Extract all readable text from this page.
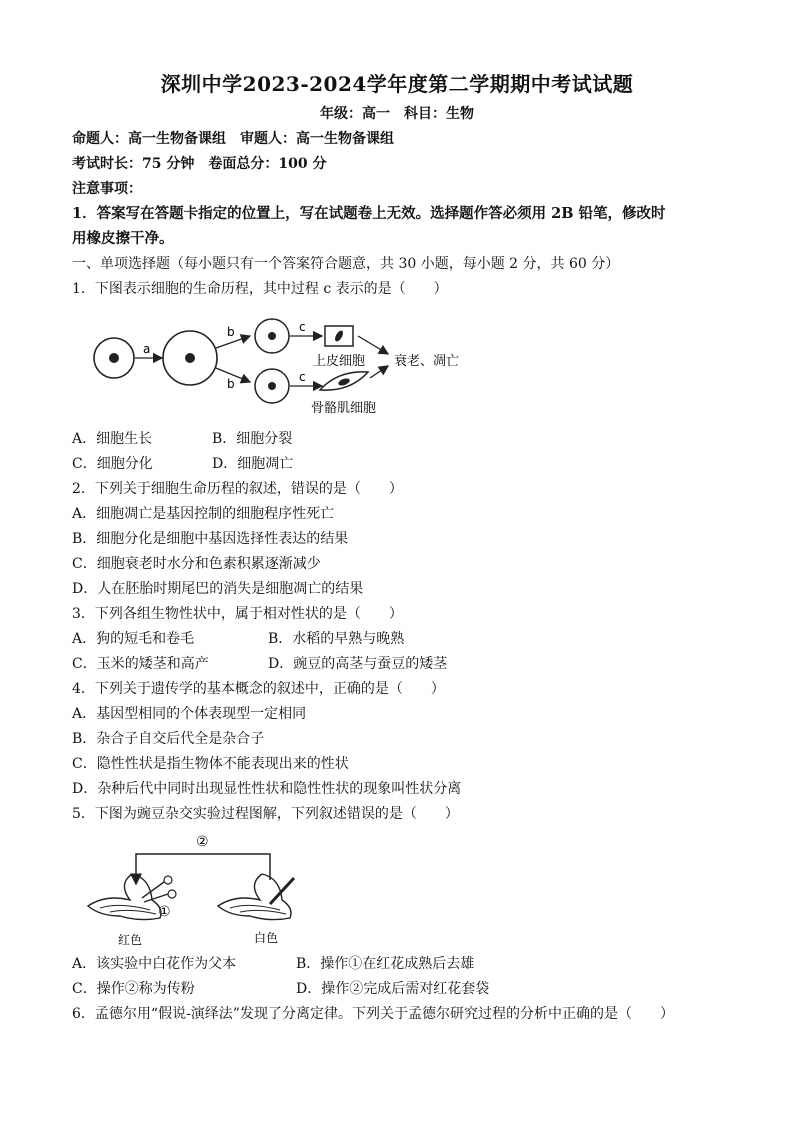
深圳中学2023-2024学年度第二学期期中考试试题
年级：高一　科目：生物
命题人：高一生物备课组　审题人：高一生物备课组
考试时长：75 分钟　卷面总分：100 分
注意事项：
1．答案写在答题卡指定的位置上，写在试题卷上无效。选择题作答必须用 2B 铅笔，修改时
用橡皮擦干净。
一、单项选择题（每小题只有一个答案符合题意，共 30 小题，每小题 2 分，共 60 分）
1．下图表示细胞的生命历程，其中过程 c 表示的是（　　）
a
b
b
c
c
上皮细胞
骨骼肌细胞
衰老、凋亡
A．细胞生长	B．细胞分裂
C．细胞分化	D．细胞凋亡
2．下列关于细胞生命历程的叙述，错误的是（　　）
A．细胞凋亡是基因控制的细胞程序性死亡
B．细胞分化是细胞中基因选择性表达的结果
C．细胞衰老时水分和色素积累逐渐减少
D．人在胚胎时期尾巴的消失是细胞凋亡的结果
3．下列各组生物性状中，属于相对性状的是（　　）
A．狗的短毛和卷毛	B．水稻的早熟与晚熟
C．玉米的矮茎和高产	D．豌豆的高茎与蚕豆的矮茎
4．下列关于遗传学的基本概念的叙述中，正确的是（　　）
A．基因型相同的个体表现型一定相同
B．杂合子自交后代全是杂合子
C．隐性性状是指生物体不能表现出来的性状
D．杂种后代中同时出现显性性状和隐性性状的现象叫性状分离
5．下图为豌豆杂交实验过程图解，下列叙述错误的是（　　）
②
①
红色	白色
A．该实验中白花作为父本	B．操作①在红花成熟后去雄
C．操作②称为传粉	D．操作②完成后需对红花套袋
6．孟德尔用“假说-演绎法”发现了分离定律。下列关于孟德尔研究过程的分析中正确的是（　　）
